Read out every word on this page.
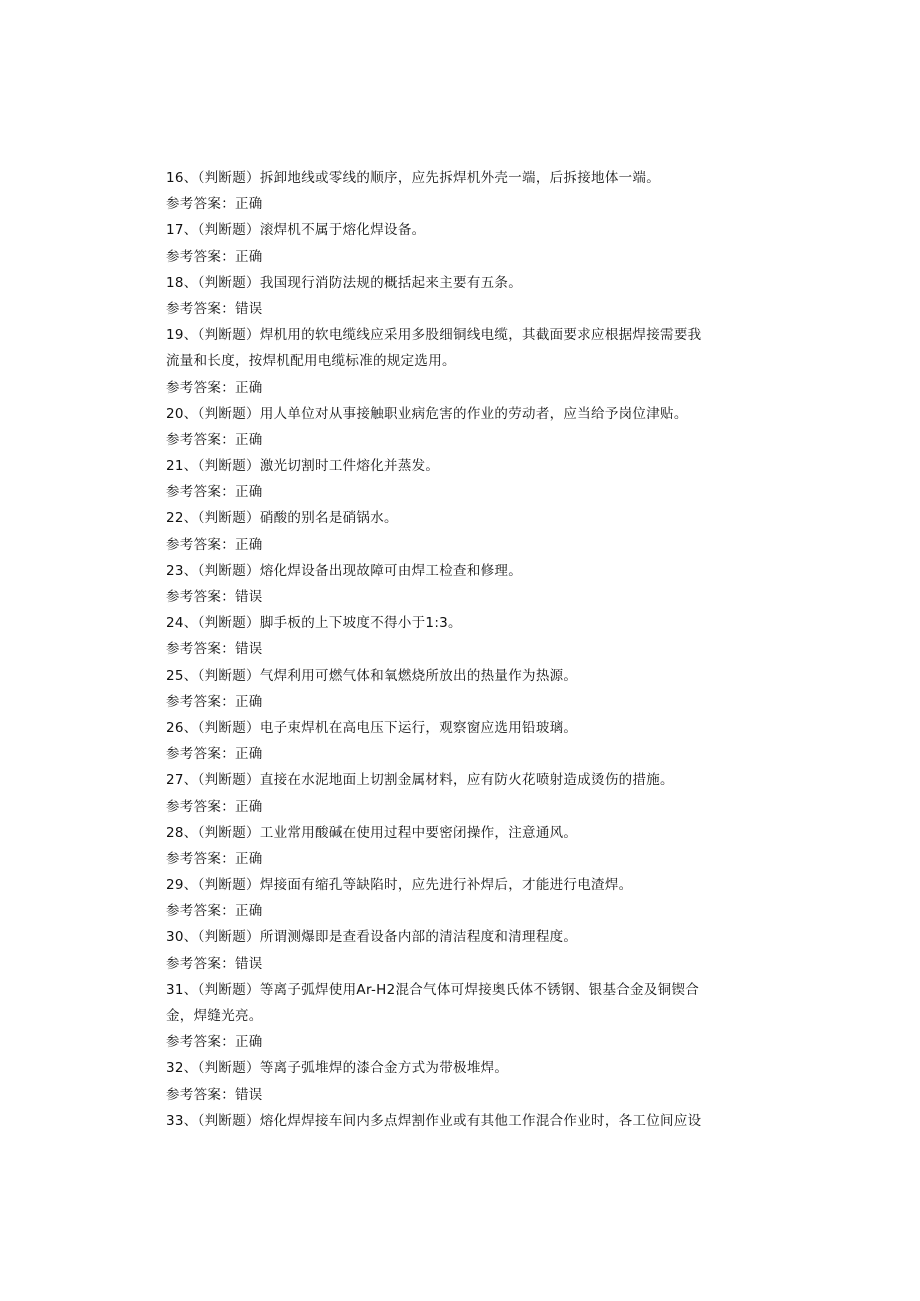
16、（判断题）拆卸地线或零线的顺序，应先拆焊机外壳一端，后拆接地体一端。
参考答案：正确
17、（判断题）滚焊机不属于熔化焊设备。
参考答案：正确
18、（判断题）我国现行消防法规的概括起来主要有五条。
参考答案：错误
19、（判断题）焊机用的软电缆线应采用多股细铜线电缆，其截面要求应根据焊接需要我
流量和长度，按焊机配用电缆标准的规定选用。
参考答案：正确
20、（判断题）用人单位对从事接触职业病危害的作业的劳动者，应当给予岗位津贴。
参考答案：正确
21、（判断题）激光切割时工件熔化并蒸发。
参考答案：正确
22、（判断题）硝酸的别名是硝锅水。
参考答案：正确
23、（判断题）熔化焊设备出现故障可由焊工检查和修理。
参考答案：错误
24、（判断题）脚手板的上下坡度不得小于1:3。
参考答案：错误
25、（判断题）气焊利用可燃气体和氧燃烧所放出的热量作为热源。
参考答案：正确
26、（判断题）电子束焊机在高电压下运行，观察窗应选用铅玻璃。
参考答案：正确
27、（判断题）直接在水泥地面上切割金属材料，应有防火花喷射造成烫伤的措施。
参考答案：正确
28、（判断题）工业常用酸碱在使用过程中要密闭操作，注意通风。
参考答案：正确
29、（判断题）焊接面有缩孔等缺陷时，应先进行补焊后，才能进行电渣焊。
参考答案：正确
30、（判断题）所谓测爆即是查看设备内部的清洁程度和清理程度。
参考答案：错误
31、（判断题）等离子弧焊使用Ar-H2混合气体可焊接奥氏体不锈钢、银基合金及铜锲合
金，焊缝光亮。
参考答案：正确
32、（判断题）等离子弧堆焊的漆合金方式为带极堆焊。
参考答案：错误
33、（判断题）熔化焊焊接车间内多点焊割作业或有其他工作混合作业时，各工位间应设
